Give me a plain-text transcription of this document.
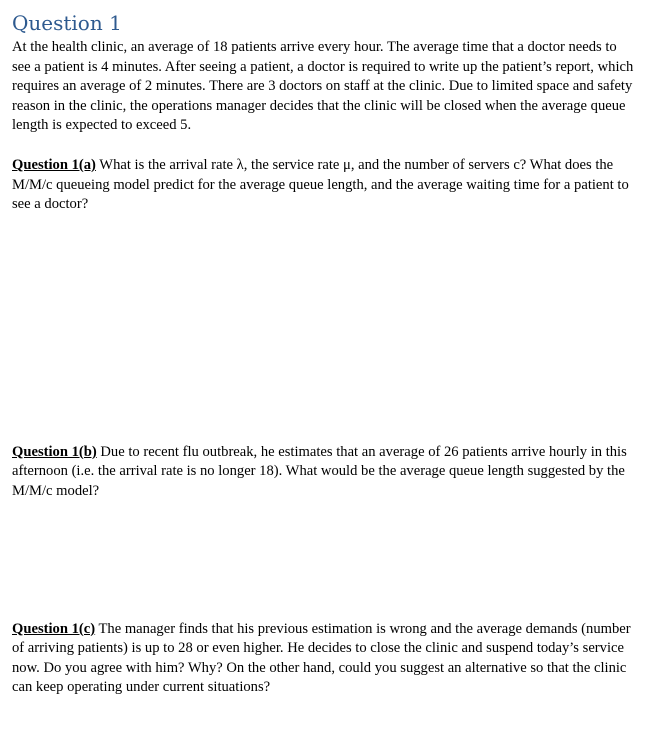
Question 1

At the health clinic, an average of 18 patients arrive every hour. The average time that a doctor needs to see a patient is 4 minutes. After seeing a patient, a doctor is required to write up the patient’s report, which requires an average of 2 minutes. There are 3 doctors on staff at the clinic. Due to limited space and safety reason in the clinic, the operations manager decides that the clinic will be closed when the average queue length is expected to exceed 5.

Question 1(a) What is the arrival rate λ, the service rate μ, and the number of servers c? What does the M/M/c queueing model predict for the average queue length, and the average waiting time for a patient to see a doctor?

Question 1(b) Due to recent flu outbreak, he estimates that an average of 26 patients arrive hourly in this afternoon (i.e. the arrival rate is no longer 18). What would be the average queue length suggested by the M/M/c model?

Question 1(c) The manager finds that his previous estimation is wrong and the average demands (number of arriving patients) is up to 28 or even higher. He decides to close the clinic and suspend today’s service now. Do you agree with him? Why? On the other hand, could you suggest an alternative so that the clinic can keep operating under current situations?
